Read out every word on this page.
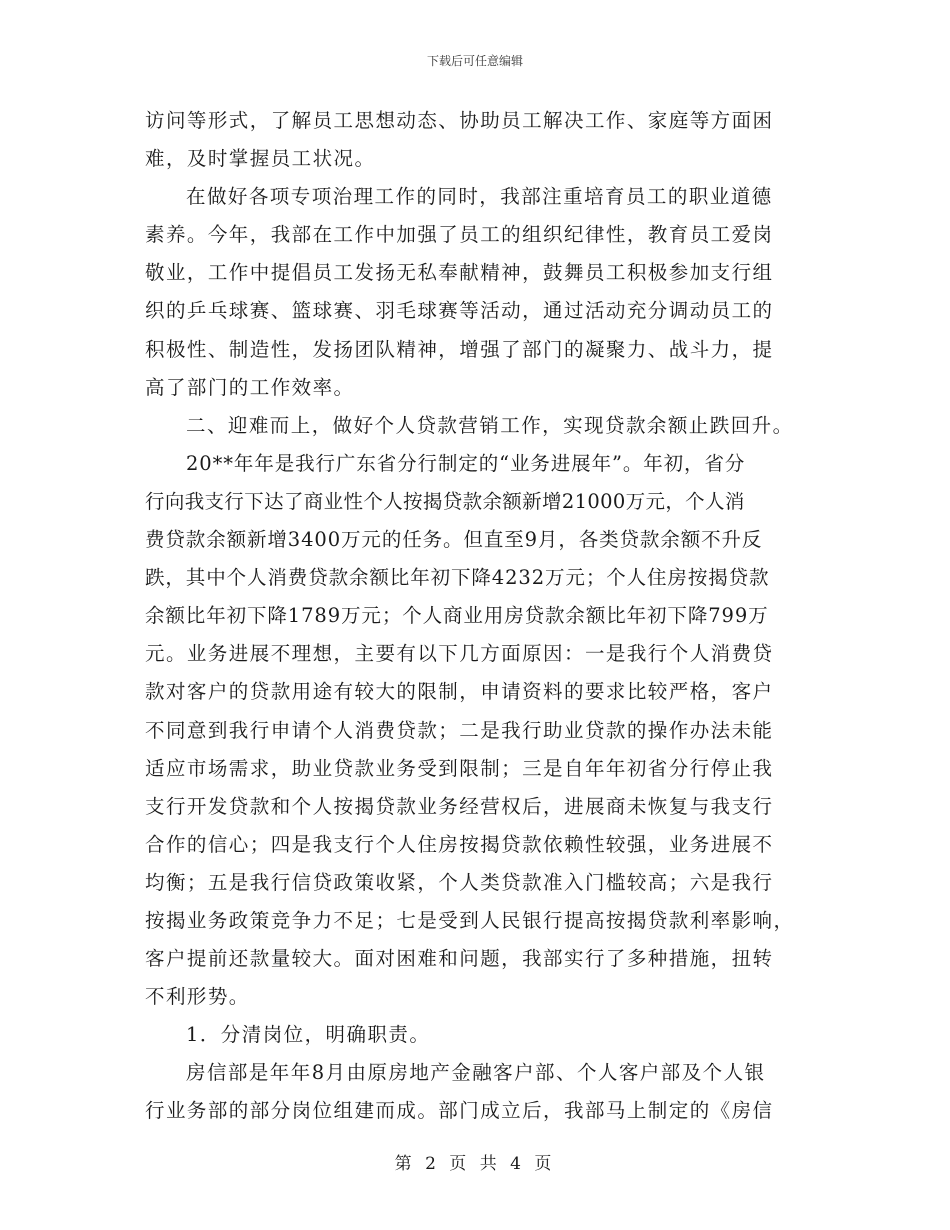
下载后可任意编辑
访问等形式，了解员工思想动态、协助员工解决工作、家庭等方面困
难，及时掌握员工状况。
在做好各项专项治理工作的同时，我部注重培育员工的职业道德
素养。今年，我部在工作中加强了员工的组织纪律性，教育员工爱岗
敬业，工作中提倡员工发扬无私奉献精神，鼓舞员工积极参加支行组
织的乒乓球赛、篮球赛、羽毛球赛等活动，通过活动充分调动员工的
积极性、制造性，发扬团队精神，增强了部门的凝聚力、战斗力，提
高了部门的工作效率。
二、迎难而上，做好个人贷款营销工作，实现贷款余额止跌回升。
20**年年是我行广东省分行制定的“业务进展年”。年初，省分
行向我支行下达了商业性个人按揭贷款余额新增21000万元，个人消
费贷款余额新增3400万元的任务。但直至9月，各类贷款余额不升反
跌，其中个人消费贷款余额比年初下降4232万元；个人住房按揭贷款
余额比年初下降1789万元；个人商业用房贷款余额比年初下降799万
元。业务进展不理想，主要有以下几方面原因：一是我行个人消费贷
款对客户的贷款用途有较大的限制，申请资料的要求比较严格，客户
不同意到我行申请个人消费贷款；二是我行助业贷款的操作办法未能
适应市场需求，助业贷款业务受到限制；三是自年年初省分行停止我
支行开发贷款和个人按揭贷款业务经营权后，进展商未恢复与我支行
合作的信心；四是我支行个人住房按揭贷款依赖性较强，业务进展不
均衡；五是我行信贷政策收紧，个人类贷款准入门槛较高；六是我行
按揭业务政策竞争力不足；七是受到人民银行提高按揭贷款利率影响，
客户提前还款量较大。面对困难和问题，我部实行了多种措施，扭转
不利形势。
1．分清岗位，明确职责。
房信部是年年8月由原房地产金融客户部、个人客户部及个人银
行业务部的部分岗位组建而成。部门成立后，我部马上制定的《房信
第 2 页 共 4 页
